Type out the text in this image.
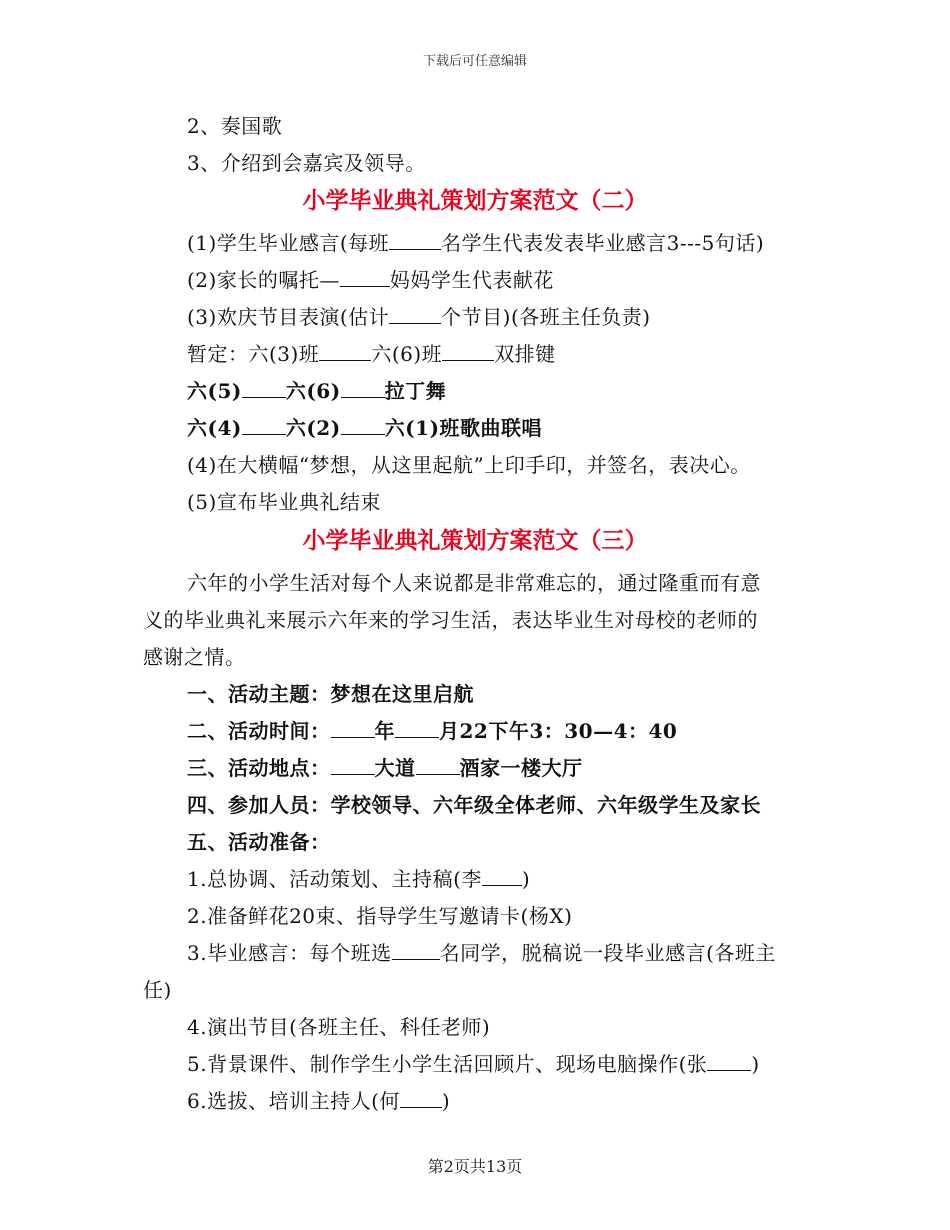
下载后可任意编辑
2、奏国歌
3、介绍到会嘉宾及领导。
小学毕业典礼策划方案范文（二）
(1)学生毕业感言(每班	名学生代表发表毕业感言3---5句话)
(2)家长的嘱托—	妈妈学生代表献花
(3)欢庆节目表演(估计	个节目)(各班主任负责)
暂定：六(3)班	六(6)班	双排键
六(5) 六(6) 拉丁舞
六(4) 六(2) 六(1)班歌曲联唱
(4)在大横幅“梦想，从这里起航”上印手印，并签名，表决心。
(5)宣布毕业典礼结束
小学毕业典礼策划方案范文（三）
六年的小学生活对每个人来说都是非常难忘的，通过隆重而有意
义的毕业典礼来展示六年来的学习生活，表达毕业生对母校的老师的
感谢之情。
一、活动主题：梦想在这里启航
二、活动时间： 年 月22下午3：30—4：40
三、活动地点： 大道 酒家一楼大厅
四、参加人员：学校领导、六年级全体老师、六年级学生及家长
五、活动准备：
1.总协调、活动策划、主持稿(李 )
2.准备鲜花20束、指导学生写邀请卡(杨X)
3.毕业感言：每个班选 名同学，脱稿说一段毕业感言(各班主
任)
4.演出节目(各班主任、科任老师)
5.背景课件、制作学生小学生活回顾片、现场电脑操作(张 )
6.选拔、培训主持人(何 )
第2页共13页
